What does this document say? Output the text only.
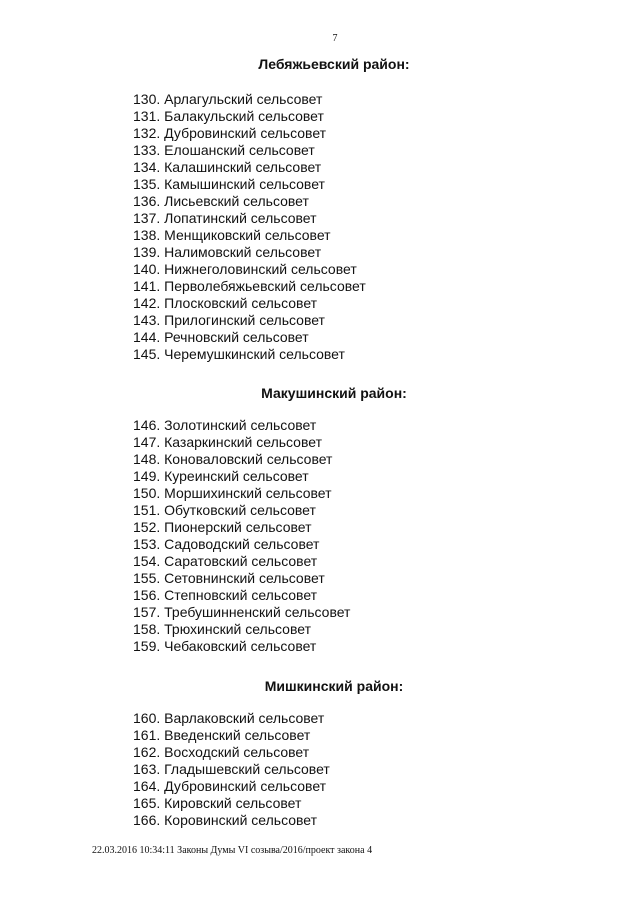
7
Лебяжьевский район:
130. Арлагульский сельсовет
131. Балакульский сельсовет
132. Дубровинский сельсовет
133. Елошанский сельсовет
134. Калашинский сельсовет
135. Камышинский сельсовет
136. Лисьевский сельсовет
137. Лопатинский сельсовет
138. Менщиковский сельсовет
139. Налимовский сельсовет
140. Нижнеголовинский сельсовет
141. Перволебяжьевский сельсовет
142. Плосковский сельсовет
143. Прилогинский сельсовет
144. Речновский сельсовет
145. Черемушкинский сельсовет
Макушинский район:
146. Золотинский сельсовет
147. Казаркинский сельсовет
148. Коноваловский сельсовет
149. Куреинский сельсовет
150. Моршихинский сельсовет
151. Обутковский сельсовет
152. Пионерский сельсовет
153. Садоводский сельсовет
154. Саратовский сельсовет
155. Сетовнинский сельсовет
156. Степновский сельсовет
157. Требушинненский сельсовет
158. Трюхинский сельсовет
159. Чебаковский сельсовет
Мишкинский район:
160. Варлаковский сельсовет
161. Введенский сельсовет
162. Восходский сельсовет
163. Гладышевский сельсовет
164. Дубровинский сельсовет
165. Кировский сельсовет
166. Коровинский сельсовет
22.03.2016 10:34:11 Законы Думы VI созыва/2016/проект закона 4
